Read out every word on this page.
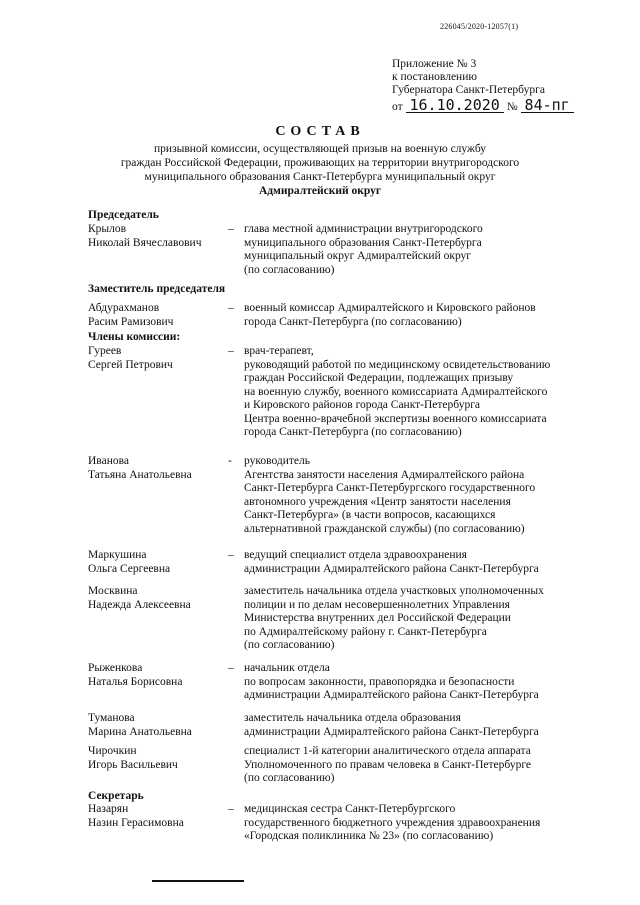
226045/2020-12057(1)
Приложение № 3
к постановлению
Губернатора Санкт-Петербурга
от 16.10.2020 № 84-пг
СОСТАВ
призывной комиссии, осуществляющей призыв на военную службу
граждан Российской Федерации, проживающих на территории внутригородского
муниципального образования Санкт-Петербурга муниципальный округ
Адмиралтейский округ
Председатель
Крылов
Николай Вячеславович
– глава местной администрации внутригородского
муниципального образования Санкт-Петербурга
муниципальный округ Адмиралтейский округ
(по согласованию)
Заместитель председателя
Абдурахманов
Расим Рамизович
– военный комиссар Адмиралтейского и Кировского районов
города Санкт-Петербурга (по согласованию)
Члены комиссии:
Гуреев
Сергей Петрович
– врач-терапевт,
руководящий работой по медицинскому освидетельствованию
граждан Российской Федерации, подлежащих призыву
на военную службу, военного комиссариата Адмиралтейского
и Кировского районов города Санкт-Петербурга
Центра военно-врачебной экспертизы военного комиссариата
города Санкт-Петербурга (по согласованию)
Иванова
Татьяна Анатольевна
-	руководитель
Агентства занятости населения Адмиралтейского района
Санкт-Петербурга Санкт-Петербургского государственного
автономного учреждения «Центр занятости населения
Санкт-Петербурга» (в части вопросов, касающихся
альтернативной гражданской службы) (по согласованию)
Маркушина
Ольга Сергеевна
– ведущий специалист отдела здравоохранения
администрации Адмиралтейского района Санкт-Петербурга
Москвина
Надежда Алексеевна
заместитель начальника отдела участковых уполномоченных
полиции и по делам несовершеннолетних Управления
Министерства внутренних дел Российской Федерации
по Адмиралтейскому району г. Санкт-Петербурга
(по согласованию)
Рыженкова
Наталья Борисовна
– начальник отдела
по вопросам законности, правопорядка и безопасности
администрации Адмиралтейского района Санкт-Петербурга
Туманова
Марина Анатольевна
заместитель начальника отдела образования
администрации Адмиралтейского района Санкт-Петербурга
Чирочкин
Игорь Васильевич
специалист 1-й категории аналитического отдела аппарата
Уполномоченного по правам человека в Санкт-Петербурге
(по согласованию)
Секретарь
Назарян
Назин Герасимовна
– медицинская сестра Санкт-Петербургского
государственного бюджетного учреждения здравоохранения
«Городская поликлиника № 23» (по согласованию)
